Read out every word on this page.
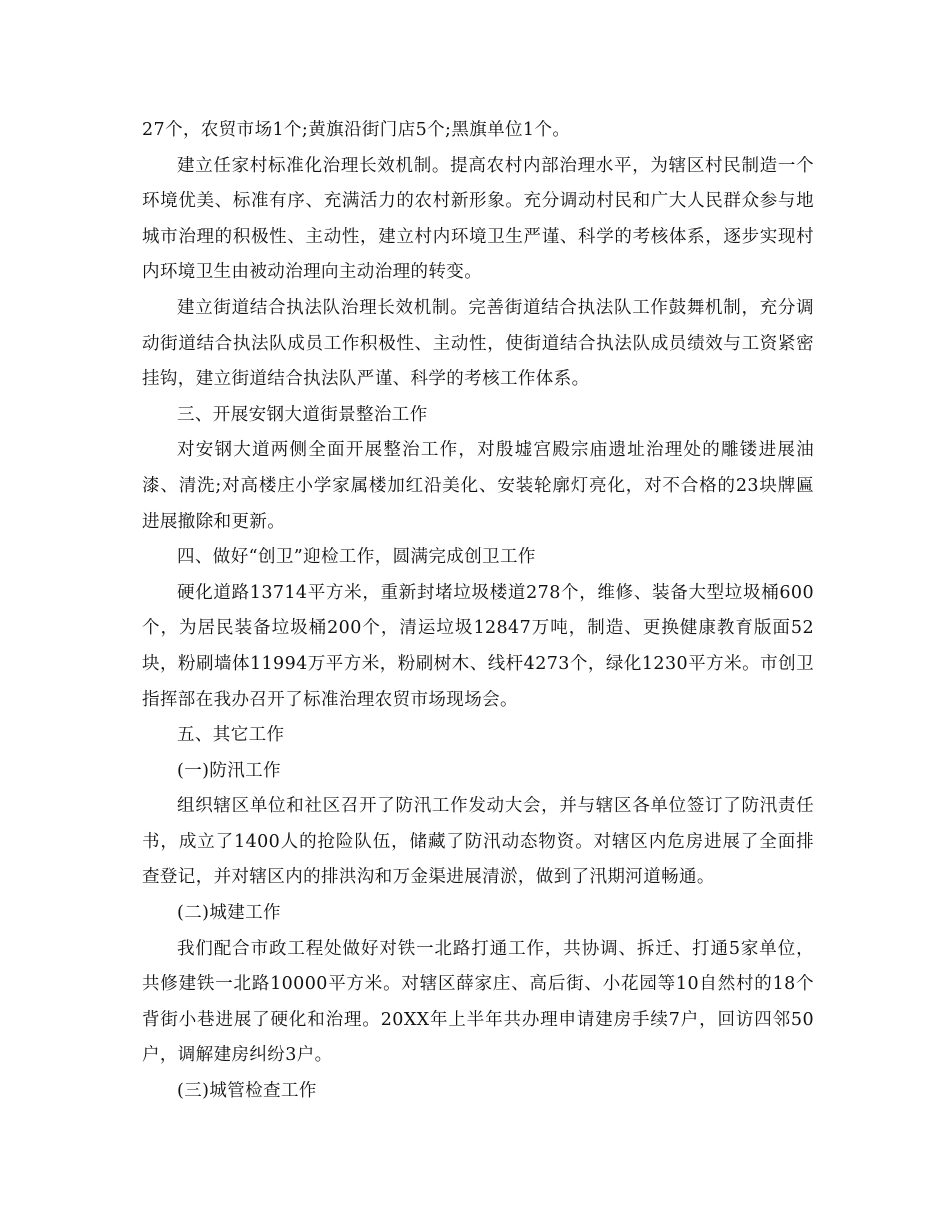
27个，农贸市场1个;黄旗沿街门店5个;黑旗单位1个。

建立任家村标准化治理长效机制。提高农村内部治理水平，为辖区村民制造一个环境优美、标准有序、充满活力的农村新形象。充分调动村民和广大人民群众参与地城市治理的积极性、主动性，建立村内环境卫生严谨、科学的考核体系，逐步实现村内环境卫生由被动治理向主动治理的转变。

建立街道结合执法队治理长效机制。完善街道结合执法队工作鼓舞机制，充分调动街道结合执法队成员工作积极性、主动性，使街道结合执法队成员绩效与工资紧密挂钩，建立街道结合执法队严谨、科学的考核工作体系。

三、开展安钢大道街景整治工作

对安钢大道两侧全面开展整治工作，对殷墟宫殿宗庙遗址治理处的雕镂进展油漆、清洗;对高楼庄小学家属楼加红沿美化、安装轮廓灯亮化，对不合格的23块牌匾进展撤除和更新。

四、做好“创卫”迎检工作，圆满完成创卫工作

硬化道路13714平方米，重新封堵垃圾楼道278个，维修、装备大型垃圾桶600个，为居民装备垃圾桶200个，清运垃圾12847万吨，制造、更换健康教育版面52块，粉刷墙体11994万平方米，粉刷树木、线杆4273个，绿化1230平方米。市创卫指挥部在我办召开了标准治理农贸市场现场会。

五、其它工作

(一)防汛工作

组织辖区单位和社区召开了防汛工作发动大会，并与辖区各单位签订了防汛责任书，成立了1400人的抢险队伍，储藏了防汛动态物资。对辖区内危房进展了全面排查登记，并对辖区内的排洪沟和万金渠进展清淤，做到了汛期河道畅通。

(二)城建工作

我们配合市政工程处做好对铁一北路打通工作，共协调、拆迁、打通5家单位，共修建铁一北路10000平方米。对辖区薛家庄、高后街、小花园等10自然村的18个背街小巷进展了硬化和治理。20XX年上半年共办理申请建房手续7户，回访四邻50户，调解建房纠纷3户。

(三)城管检查工作
